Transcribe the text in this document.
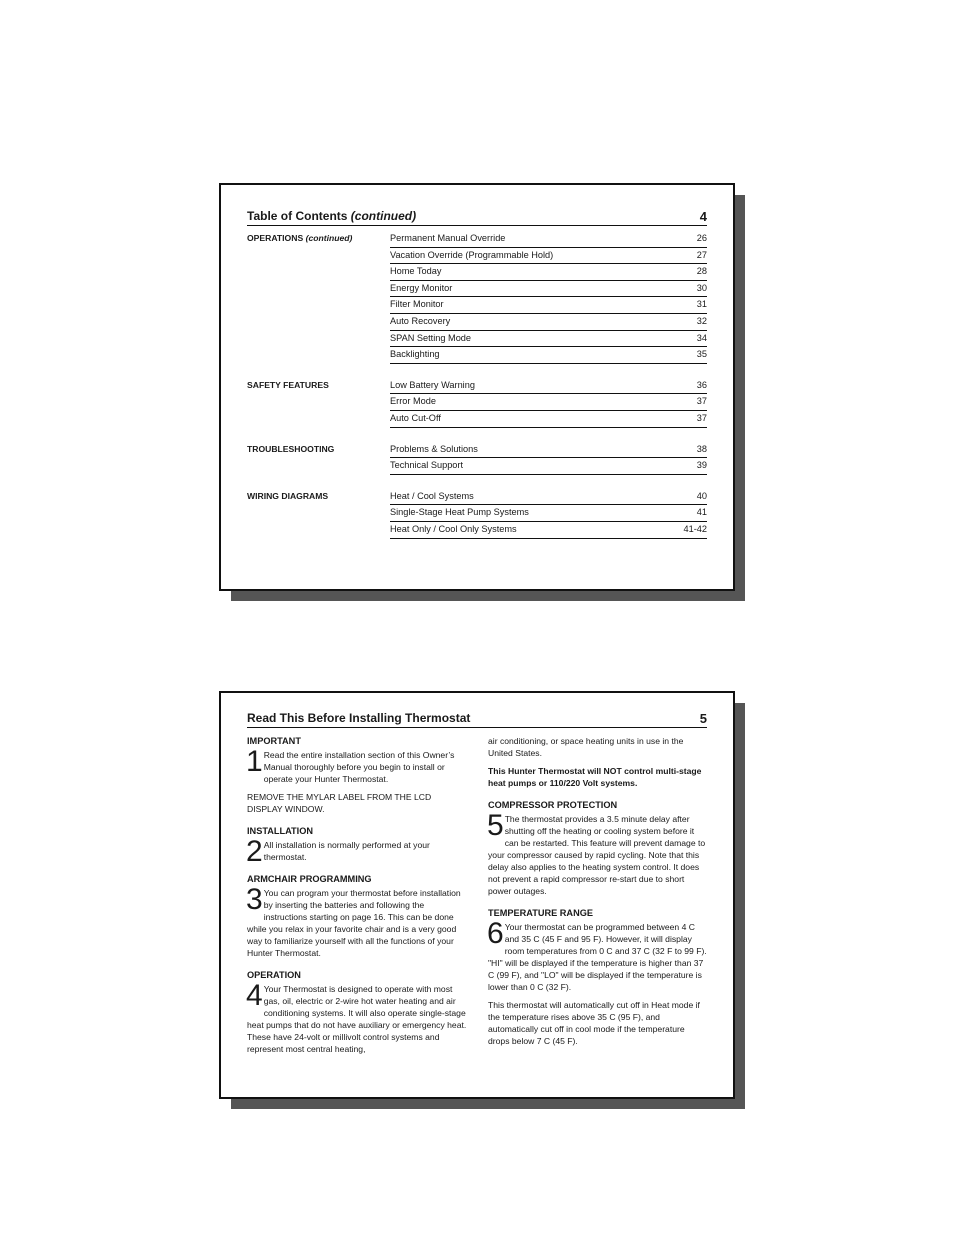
Table of Contents (continued)	4
OPERATIONS (continued)	Permanent Manual Override	26
Vacation Override (Programmable Hold)	27
Home Today	28
Energy Monitor	30
Filter Monitor	31
Auto Recovery	32
SPAN Setting Mode	34
Backlighting	35
SAFETY FEATURES	Low Battery Warning	36
Error Mode	37
Auto Cut-Off	37
TROUBLESHOOTING	Problems & Solutions	38
Technical Support	39
WIRING DIAGRAMS	Heat / Cool Systems	40
Single-Stage Heat Pump Systems	41
Heat Only / Cool Only Systems	41-42
Read This Before Installing Thermostat	5
IMPORTANT

1 Read the entire installation section of this Owner’s Manual thoroughly before you begin to install or operate your Hunter Thermostat.

REMOVE THE MYLAR LABEL FROM THE LCD DISPLAY WINDOW.

INSTALLATION

2 All installation is normally performed at your thermostat.

ARMCHAIR PROGRAMMING

3 You can program your thermostat before installation by inserting the batteries and following the instructions starting on page 16. This can be done while you relax in your favorite chair and is a very good way to familiarize yourself with all the functions of your Hunter Thermostat.

OPERATION

4 Your Thermostat is designed to operate with most gas, oil, electric or 2-wire hot water heating and air conditioning systems. It will also operate single-stage heat pumps that do not have auxiliary or emergency heat. These have 24-volt or millivolt control systems and represent most central heating,

air conditioning, or space heating units in use in the United States.

This Hunter Thermostat will NOT control multi-stage heat pumps or 110/220 Volt systems.

COMPRESSOR PROTECTION

5 The thermostat provides a 3.5 minute delay after shutting off the heating or cooling system before it can be restarted. This feature will prevent damage to your compressor caused by rapid cycling. Note that this delay also applies to the heating system control. It does not prevent a rapid compressor re-start due to short power outages.

TEMPERATURE RANGE

6 Your thermostat can be programmed between 4 C and 35 C (45 F and 95 F). However, it will display room temperatures from 0 C and 37 C (32 F to 99 F). "HI" will be displayed if the temperature is higher than 37 C (99 F), and "LO" will be displayed if the temperature is lower than 0 C (32 F).

This thermostat will automatically cut off in Heat mode if the temperature rises above 35 C (95 F), and automatically cut off in cool mode if the temperature drops below 7 C (45 F).
